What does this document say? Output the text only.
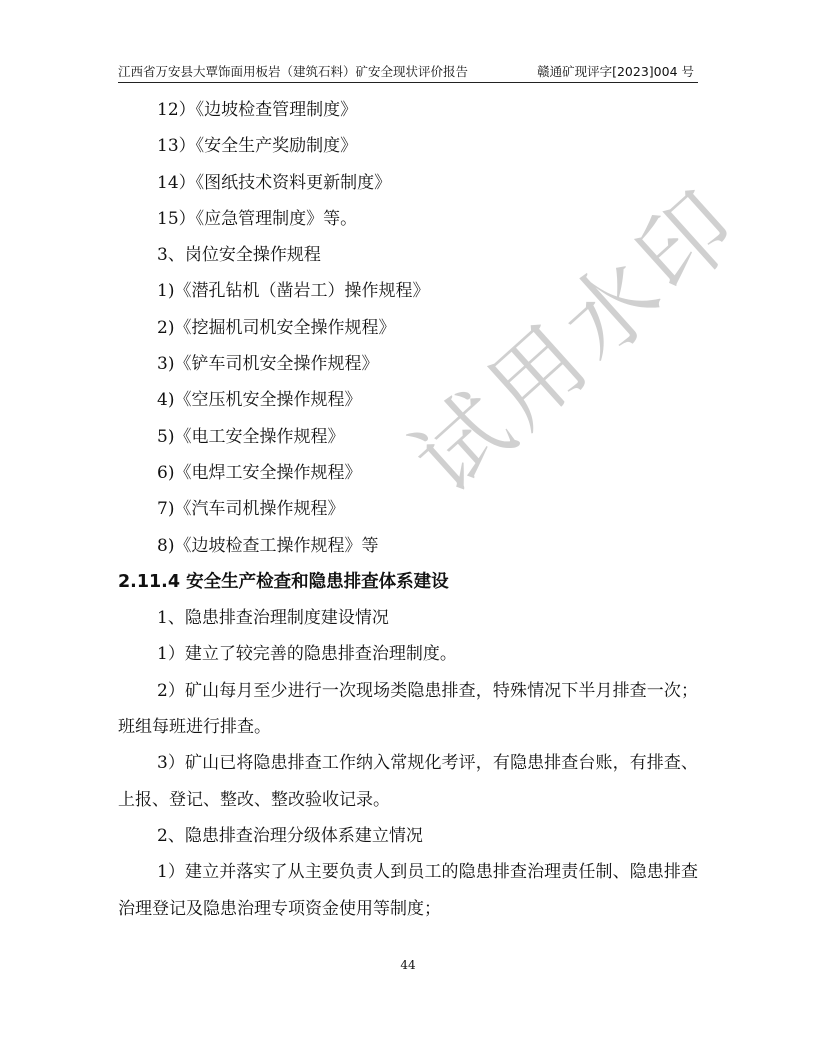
江西省万安县大覃饰面用板岩（建筑石料）矿安全现状评价报告	赣通矿现评字[2023]004 号
12）《边坡检查管理制度》
13）《安全生产奖励制度》
14）《图纸技术资料更新制度》
15）《应急管理制度》等。
3、岗位安全操作规程
1)《潜孔钻机（凿岩工）操作规程》
2)《挖掘机司机安全操作规程》
3)《铲车司机安全操作规程》
4)《空压机安全操作规程》
5)《电工安全操作规程》
6)《电焊工安全操作规程》
7)《汽车司机操作规程》
8)《边坡检查工操作规程》等
2.11.4 安全生产检查和隐患排查体系建设
1、隐患排查治理制度建设情况
1）建立了较完善的隐患排查治理制度。
2）矿山每月至少进行一次现场类隐患排查，特殊情况下半月排查一次；班组每班进行排查。
3）矿山已将隐患排查工作纳入常规化考评，有隐患排查台账，有排查、上报、登记、整改、整改验收记录。
2、隐患排查治理分级体系建立情况
1）建立并落实了从主要负责人到员工的隐患排查治理责任制、隐患排查治理登记及隐患治理专项资金使用等制度；
试用水印
44
